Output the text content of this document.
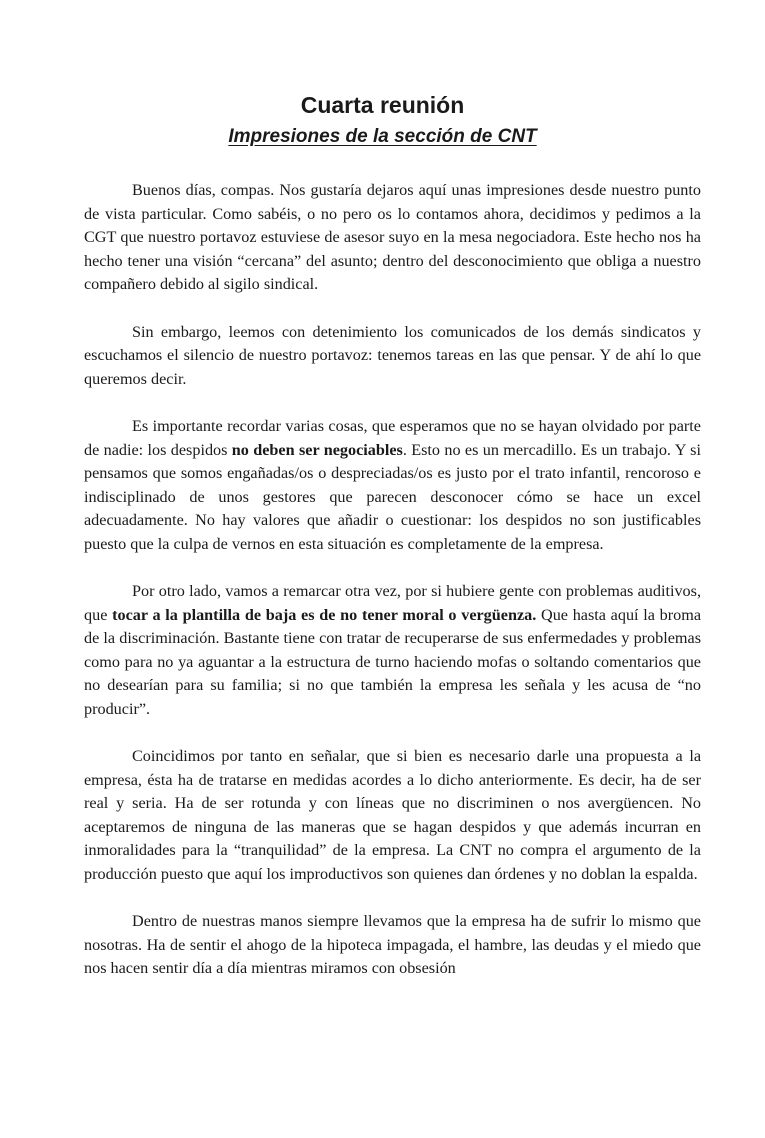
Cuarta reunión
Impresiones de la sección de CNT

Buenos días, compas. Nos gustaría dejaros aquí unas impresiones desde nuestro punto de vista particular. Como sabéis, o no pero os lo contamos ahora, decidimos y pedimos a la CGT que nuestro portavoz estuviese de asesor suyo en la mesa negociadora. Este hecho nos ha hecho tener una visión “cercana” del asunto; dentro del desconocimiento que obliga a nuestro compañero debido al sigilo sindical.

Sin embargo, leemos con detenimiento los comunicados de los demás sindicatos y escuchamos el silencio de nuestro portavoz: tenemos tareas en las que pensar. Y de ahí lo que queremos decir.

Es importante recordar varias cosas, que esperamos que no se hayan olvidado por parte de nadie: los despidos no deben ser negociables. Esto no es un mercadillo. Es un trabajo. Y si pensamos que somos engañadas/os o despreciadas/os es justo por el trato infantil, rencoroso e indisciplinado de unos gestores que parecen desconocer cómo se hace un excel adecuadamente. No hay valores que añadir o cuestionar: los despidos no son justificables puesto que la culpa de vernos en esta situación es completamente de la empresa.

Por otro lado, vamos a remarcar otra vez, por si hubiere gente con problemas auditivos, que tocar a la plantilla de baja es de no tener moral o vergüenza. Que hasta aquí la broma de la discriminación. Bastante tiene con tratar de recuperarse de sus enfermedades y problemas como para no ya aguantar a la estructura de turno haciendo mofas o soltando comentarios que no desearían para su familia; si no que también la empresa les señala y les acusa de “no producir”.

Coincidimos por tanto en señalar, que si bien es necesario darle una propuesta a la empresa, ésta ha de tratarse en medidas acordes a lo dicho anteriormente. Es decir, ha de ser real y seria. Ha de ser rotunda y con líneas que no discriminen o nos avergüencen. No aceptaremos de ninguna de las maneras que se hagan despidos y que además incurran en inmoralidades para la “tranquilidad” de la empresa. La CNT no compra el argumento de la producción puesto que aquí los improductivos son quienes dan órdenes y no doblan la espalda.

Dentro de nuestras manos siempre llevamos que la empresa ha de sufrir lo mismo que nosotras. Ha de sentir el ahogo de la hipoteca impagada, el hambre, las deudas y el miedo que nos hacen sentir día a día mientras miramos con obsesión
